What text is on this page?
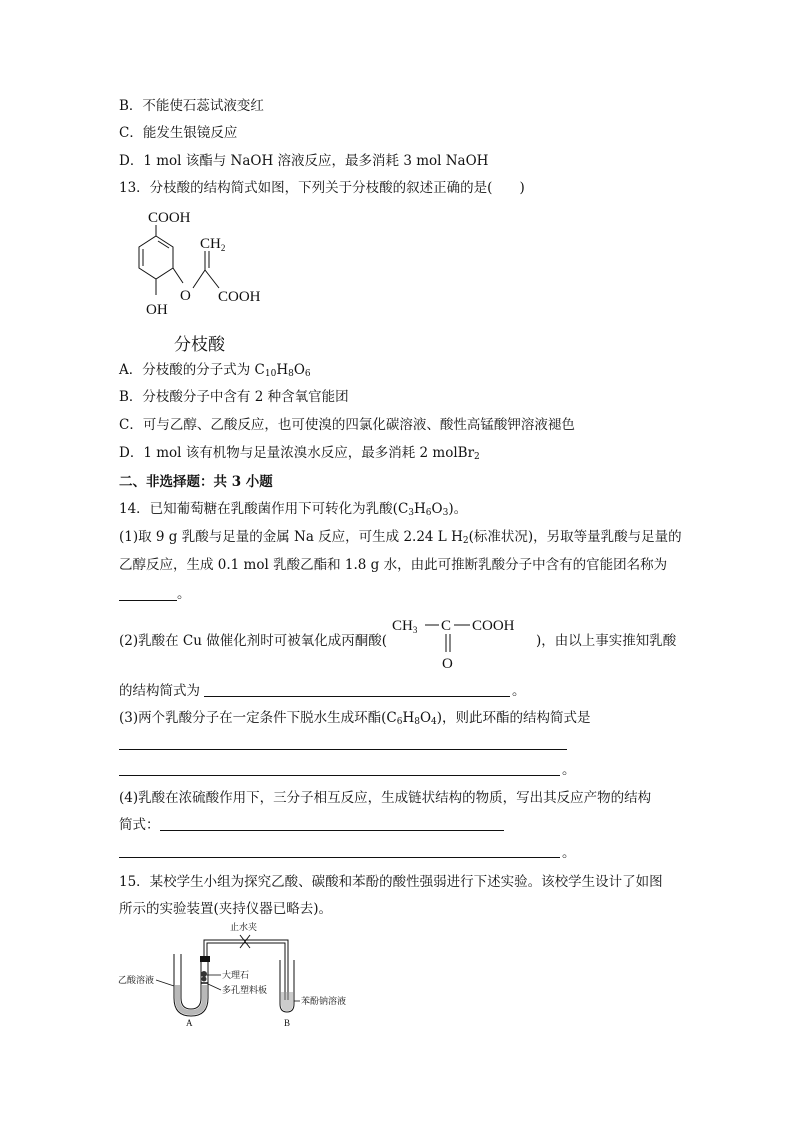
B．不能使石蕊试液变红
C．能发生银镜反应
D．1 mol 该酯与 NaOH 溶液反应，最多消耗 3 mol NaOH
13．分枝酸的结构简式如图，下列关于分枝酸的叙述正确的是(　　)
COOH
O
$CH_2$
COOH
OH
分枝酸
A．分枝酸的分子式为 $C_{10}H_8O_6$
B．分枝酸分子中含有 2 种含氧官能团
C．可与乙醇、乙酸反应，也可使溴的四氯化碳溶液、酸性高锰酸钾溶液褪色
D．1 mol 该有机物与足量浓溴水反应，最多消耗 2 molBr$_2$
二、非选择题：共 3 小题
14．已知葡萄糖在乳酸菌作用下可转化为乳酸$(C_3H_6O_3)$。
(1)取 9 g 乳酸与足量的金属 Na 反应，可生成 2.24 L $H_2$(标准状况)，另取等量乳酸与足量的
乙醇反应，生成 0.1 mol 乳酸乙酯和 1.8 g 水，由此可推断乳酸分子中含有的官能团名称为
。
(2)乳酸在 Cu 做催化剂时可被氧化成丙酮酸(
$CH_3$ C COOH
O
)，由以上事实推知乳酸
的结构简式为	。
(3)两个乳酸分子在一定条件下脱水生成环酯$(C_6H_8O_4)$，则此环酯的结构简式是
。
(4)乳酸在浓硫酸作用下，三分子相互反应，生成链状结构的物质，写出其反应产物的结构
简式：
。
15．某校学生小组为探究乙酸、碳酸和苯酚的酸性强弱进行下述实验。该校学生设计了如图
所示的实验装置(夹持仪器已略去)。
止水夹
乙酸溶液	大理石
多孔塑料板
A
苯酚钠溶液
B
